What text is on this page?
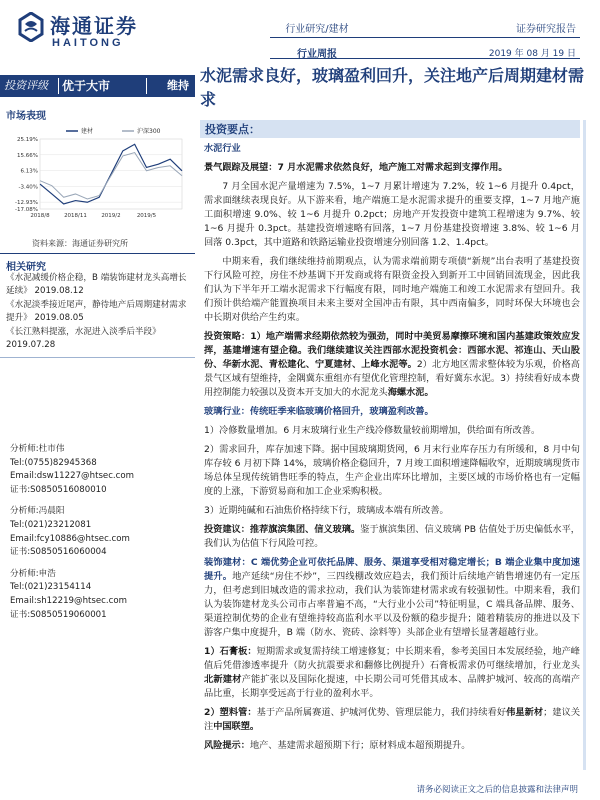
海通证券
HAITONG
行业研究/建材
行业周报
证券研究报告
2019 年 08 月 19 日
投资评级 优于大市	维持
市场表现
25.19%
15.66%
6.13%
-3.40%
-12.93%
-17.08%
2018/8	2018/11	2019/2	2019/5
建材	沪深300
资料来源：海通证券研究所
相关研究
《水泥减缓价格企稳，B 端装饰建材龙头高增长延续》 2019.08.12
《水泥淡季接近尾声，静待地产后周期建材需求提升》 2019.08.05
《长江熟料提涨，水泥进入淡季后半段》 2019.07.28
分析师:杜市伟
Tel:(0755)82945368
Email:dsw11227@htsec.com
证书:S0850516080010
分析师:冯晨阳
Tel:(021)23212081
Email:fcy10886@htsec.com
证书:S0850516060004
分析师:申浩
Tel:(021)23154114
Email:sh12219@htsec.com
证书:S0850519060001
水泥需求良好，玻璃盈利回升，关注地产后周期建材需求
投资要点：

水泥行业

景气跟踪及展望：7 月水泥需求依然良好，地产施工对需求起到支撑作用。

7 月全国水泥产量增速为 7.5%，1~7 月累计增速为 7.2%，较 1~6 月提升 0.4pct，需求面继续表现良好。从下游来看，地产端施工是水泥需求提升的重要支撑，1~7 月地产施工面积增速 9.0%、较 1~6 月提升 0.2pct；房地产开发投资中建筑工程增速为 9.7%、较 1~6 月提升 0.3pct。基建投资增速略有回落，1~7 月份基建投资增速 3.8%、较 1~6 月回落 0.3pct，其中道路和铁路运输业投资增速分别回落 1.2、1.4pct。

中期来看，我们继续维持前期观点，认为需求端前期专项债“新规”出台表明了基建投资下行风险可控，房住不炒基调下开发商或将有限资金投入到新开工中回销回流现金，因此我们认为下半年开工端水泥需求下行幅度有限，同时地产端施工和竣工水泥需求有望回升。我们预计供给端产能置换项目未来主要对全国冲击有限，其中西南偏多，同时环保大环境也会中长期对供给产生约束。

投资策略：1）地产端需求经期依然较为强劲，同时中美贸易摩擦环境和国内基建政策效应发挥，基建增速有望企稳。我们继续建议关注西部水泥投资机会：西部水泥、祁连山、天山股份、华新水泥、青松建化、宁夏建材、上峰水泥等。2）北方地区需求整体较为乐观，价格高景气区域有望维持，金隅冀东重组亦有望优化管理控制，看好冀东水泥。3）持续看好成本费用控制能力较强以及资本开支加大的水泥龙头海螺水泥。

玻璃行业：传统旺季来临玻璃价格回升，玻璃盈利改善。

1）冷修数量增加。6 月末玻璃行业生产线冷修数量较前期增加，供给面有所改善。

2）需求回升，库存加速下降。据中国玻璃期货网，6 月末行业库存压力有所缓和，8 月中旬库存较 6 月初下降 14%，玻璃价格企稳回升，7 月竣工面积增速降幅收窄，近期玻璃现货市场总体呈现传统销售旺季的特点，生产企业出库环比增加，主要区域的市场价格也有一定幅度的上涨，下游贸易商和加工企业采购积极。

3）近期纯碱和石油焦价格持续下行，玻璃成本端有所改善。

投资建议：推荐旗滨集团、信义玻璃。鉴于旗滨集团、信义玻璃 PB 估值处于历史偏低水平，我们认为估值下行风险可控。

装饰建材：C 端优势企业可依托品牌、服务、渠道享受相对稳定增长；B 端企业集中度加速提升。地产延续“房住不炒”，三四线棚改效应趋去，我们预计后续地产销售增速仍有一定压力，但考虑到旧城改造的需求拉动，我们认为装饰建材需求或有较强韧性。中期来看，我们认为装饰建材龙头公司市占率普遍不高，“大行业小公司”特征明显，C 端具备品牌、服务、渠道控制优势的企业有望维持较高监利水平以及份额的稳步提升；随着精装房的推进以及下游客户集中度提升，B 端（防水、瓷砖、涂料等）头部企业有望增长显著超越行业。

1）石膏板：短期需求或复需持续工增速修复；中长期来看，参考美国日本发展经验，地产峰值后凭借渗透率提升（防火抗震要求和翻修比例提升）石膏板需求仍可继续增加，行业龙头北新建材产能扩张以及国际化提速，中长期公司可凭借其成本、品牌护城河、较高的高端产品比重，长期享受远高于行业的盈利水平。

2）塑料管：基于产品所属赛道、护城河优势、管理层能力，我们持续看好伟星新材；建议关注中国联塑。

风险提示：地产、基建需求超预期下行；原材料成本超预期提升。

请务必阅读正文之后的信息披露和法律声明
